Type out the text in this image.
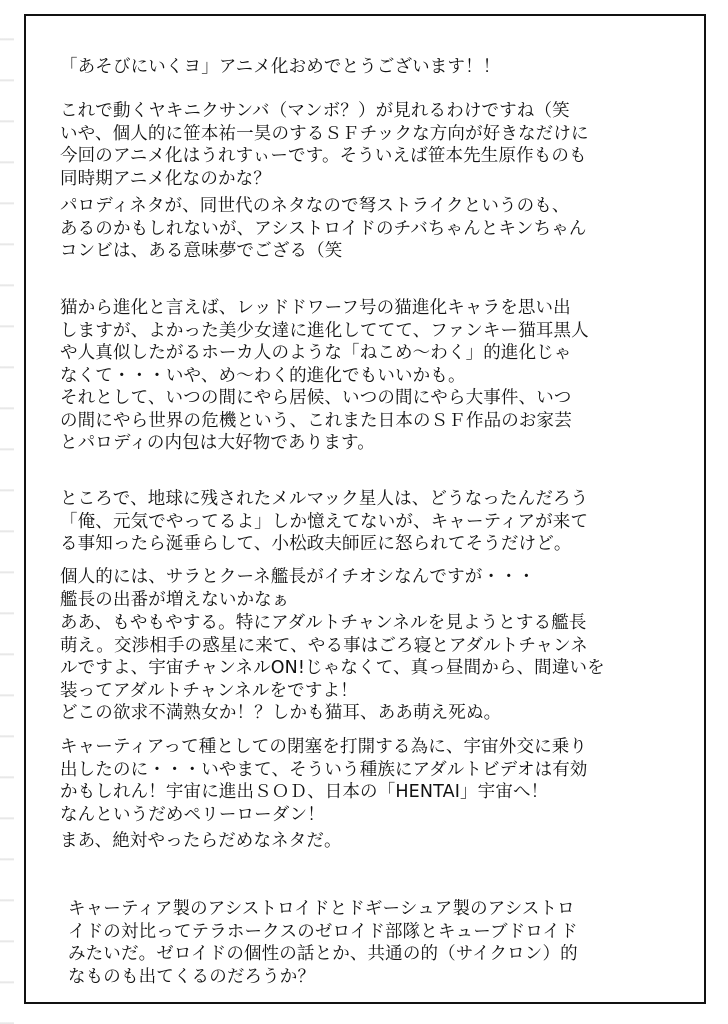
「あそびにいくヨ」アニメ化おめでとうございます！！
これで動くヤキニクサンバ（マンボ？）が見れるわけですね（笑
いや、個人的に笹本祐一昊のするＳＦチックな方向が好きなだけに
今回のアニメ化はうれすぃーです。そういえば笹本先生原作ものも
同時期アニメ化なのかな？
パロディネタが、同世代のネタなので弩ストライクというのも、
あるのかもしれないが、アシストロイドのチバちゃんとキンちゃん
コンビは、ある意味夢でござる（笑
猫から進化と言えば、レッドドワーフ号の猫進化キャラを思い出
しますが、よかった美少女達に進化しててて、ファンキー猫耳黒人
や人真似したがるホーカ人のような「ねこめ～わく」的進化じゃ
なくて・・・いや、め～わく的進化でもいいかも。
それとして、いつの間にやら居候、いつの間にやら大事件、いつ
の間にやら世界の危機という、これまた日本のＳＦ作品のお家芸
とパロディの内包は大好物であります。
ところで、地球に残されたメルマック星人は、どうなったんだろう
「俺、元気でやってるよ」しか憶えてないが、キャーティアが来て
る事知ったら涎垂らして、小松政夫師匠に怒られてそうだけど。
個人的には、サラとクーネ艦長がイチオシなんですが・・・
艦長の出番が増えないかなぁ
ああ、もやもやする。特にアダルトチャンネルを見ようとする艦長
萌え。交渉相手の惑星に来て、やる事はごろ寝とアダルトチャンネ
ルですよ、宇宙チャンネルON!じゃなくて、真っ昼間から、間違いを
装ってアダルトチャンネルをですよ！
どこの欲求不満熟女か！？しかも猫耳、ああ萌え死ぬ。
キャーティアって種としての閉塞を打開する為に、宇宙外交に乗り
出したのに・・・いやまて、そういう種族にアダルトビデオは有効
かもしれん！宇宙に進出ＳＯＤ、日本の「HENTAI」宇宙へ！
なんというだめペリーローダン！
まあ、絶対やったらだめなネタだ。
キャーティア製のアシストロイドとドギーシュア製のアシストロ
イドの対比ってテラホークスのゼロイド部隊とキューブドロイド
みたいだ。ゼロイドの個性の話とか、共通の的（サイクロン）的
なものも出てくるのだろうか？
